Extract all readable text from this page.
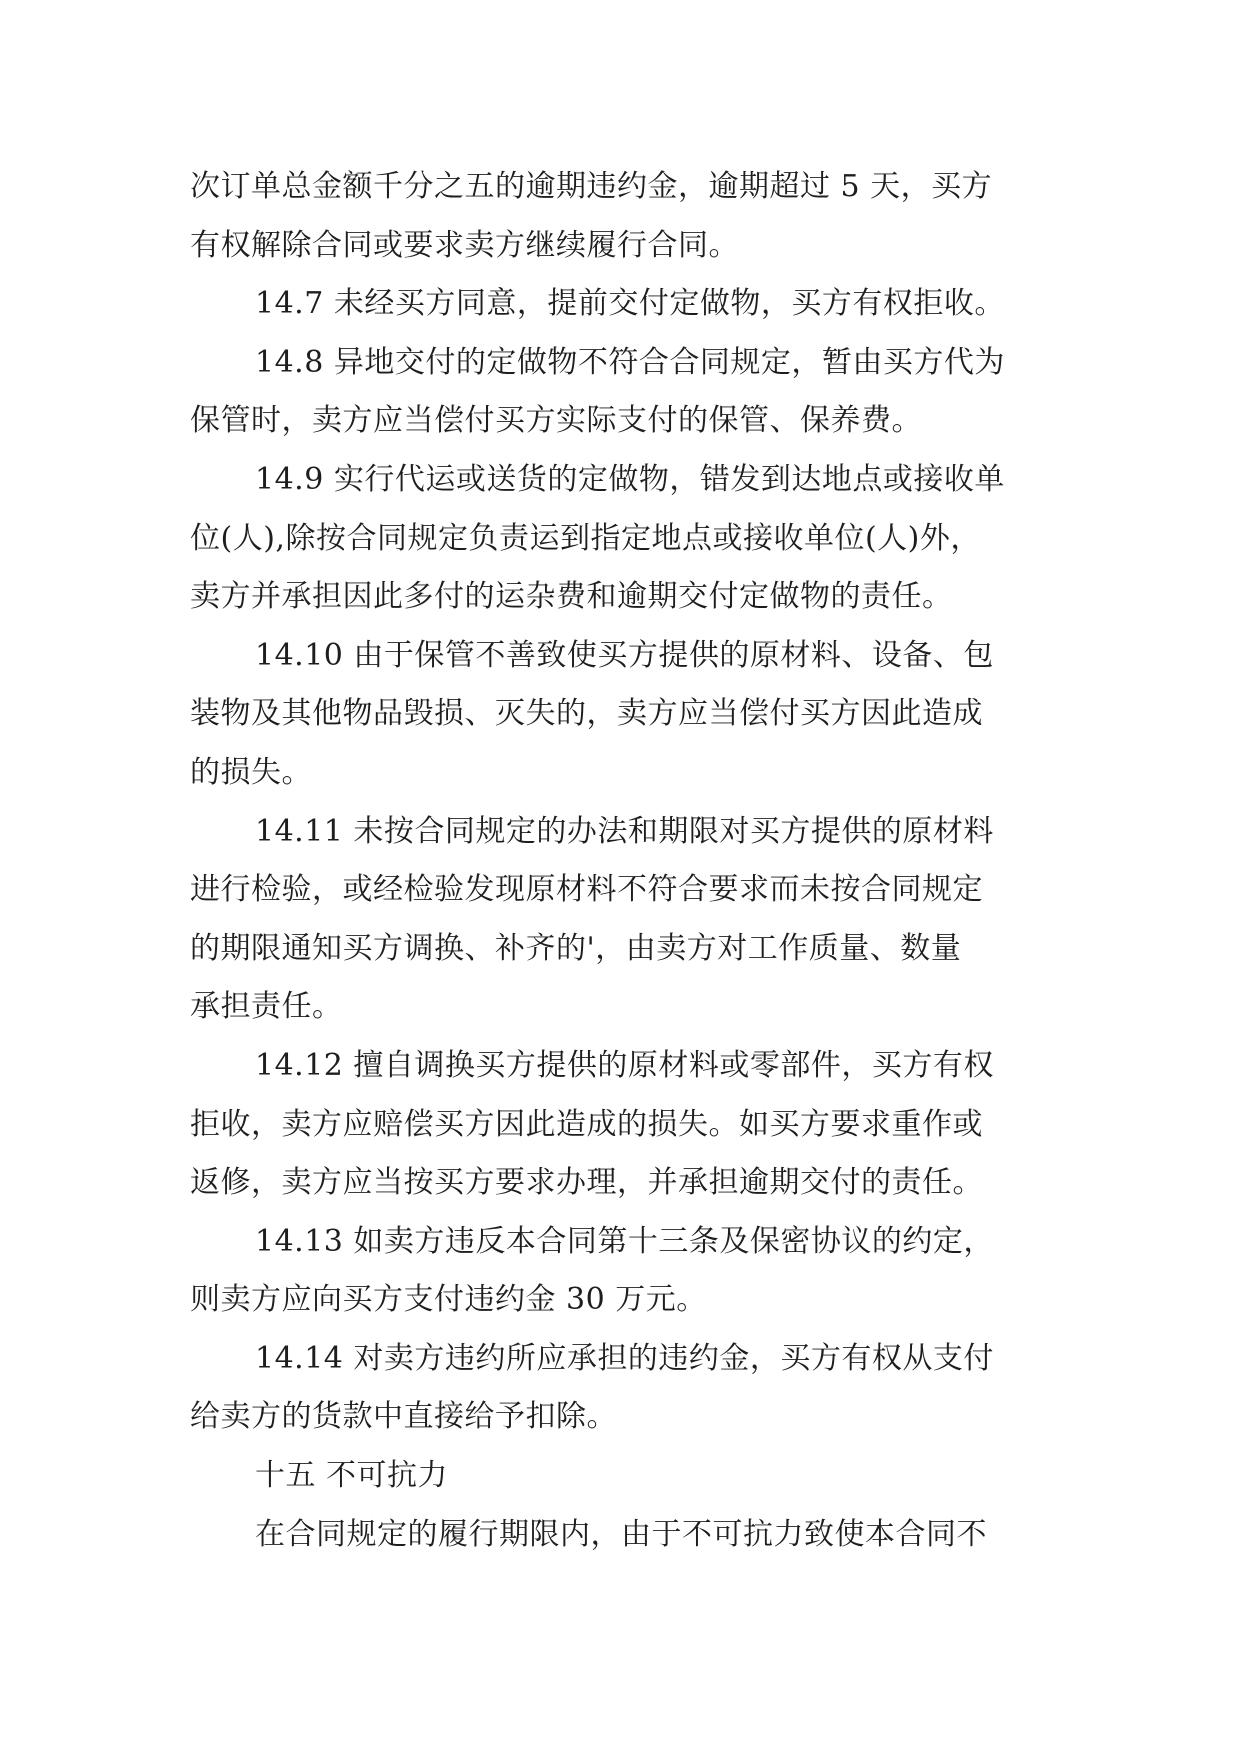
次订单总金额千分之五的逾期违约金，逾期超过 5 天，买方
有权解除合同或要求卖方继续履行合同。
14.7 未经买方同意，提前交付定做物，买方有权拒收。
14.8 异地交付的定做物不符合合同规定，暂由买方代为
保管时，卖方应当偿付买方实际支付的保管、保养费。
14.9 实行代运或送货的定做物，错发到达地点或接收单
位(人),除按合同规定负责运到指定地点或接收单位(人)外，
卖方并承担因此多付的运杂费和逾期交付定做物的责任。
14.10 由于保管不善致使买方提供的原材料、设备、包
装物及其他物品毁损、灭失的，卖方应当偿付买方因此造成
的损失。
14.11 未按合同规定的办法和期限对买方提供的原材料
进行检验，或经检验发现原材料不符合要求而未按合同规定
的期限通知买方调换、补齐的'，由卖方对工作质量、数量
承担责任。
14.12 擅自调换买方提供的原材料或零部件，买方有权
拒收，卖方应赔偿买方因此造成的损失。如买方要求重作或
返修，卖方应当按买方要求办理，并承担逾期交付的责任。
14.13 如卖方违反本合同第十三条及保密协议的约定，
则卖方应向买方支付违约金 30 万元。
14.14 对卖方违约所应承担的违约金，买方有权从支付
给卖方的货款中直接给予扣除。
十五 不可抗力
在合同规定的履行期限内，由于不可抗力致使本合同不
